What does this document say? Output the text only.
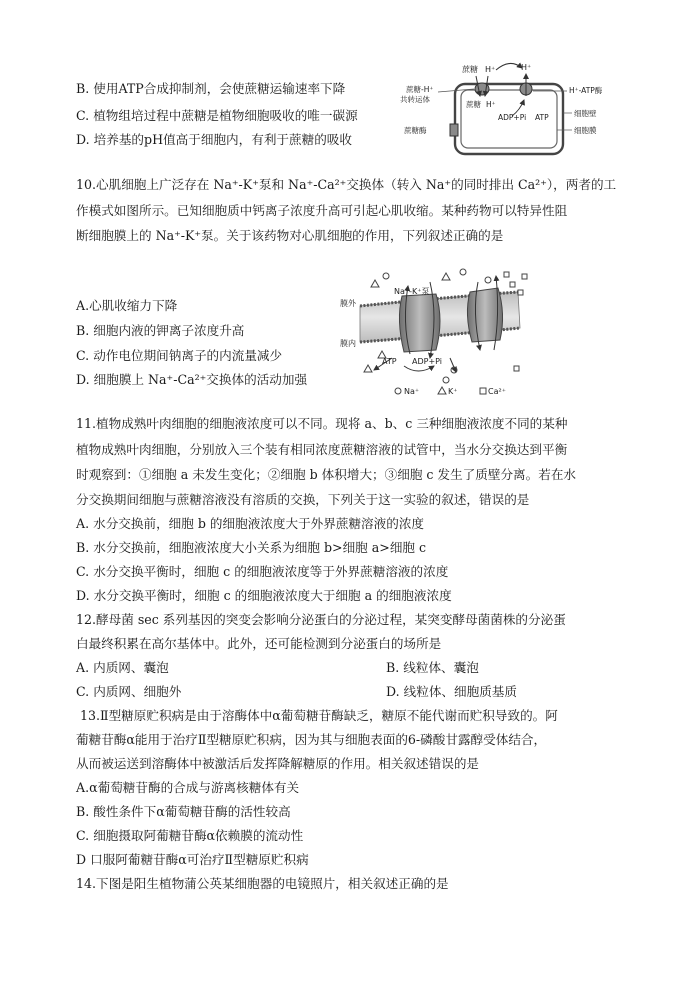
B. 使用ATP合成抑制剂，会使蔗糖运输速率下降
C. 植物组培过程中蔗糖是植物细胞吸收的唯一碳源
D. 培养基的pH值高于细胞内，有利于蔗糖的吸收
蔗糖 H⁺	H⁺
蔗糖-H⁺共转运体
H⁺-ATP酶
蔗糖 H⁺
ADP+Pi ATP	细胞壁
细胞膜
蔗糖酶
10.心肌细胞上广泛存在 Na⁺-K⁺泵和 Na⁺-Ca²⁺交换体（转入 Na⁺的同时排出 Ca²⁺），两者的工
作模式如图所示。已知细胞质中钙离子浓度升高可引起心肌收缩。某种药物可以特异性阻
断细胞膜上的 Na⁺-K⁺泵。关于该药物对心肌细胞的作用，下列叙述正确的是
A.心肌收缩力下降
B. 细胞内液的钾离子浓度升高
C. 动作电位期间钠离子的内流量减少
D. 细胞膜上 Na⁺-Ca²⁺交换体的活动加强
膜外
膜内
Na⁺-K⁺泵
ATP ADP+Pi
Na⁺	K⁺	Ca²⁺
11.植物成熟叶肉细胞的细胞液浓度可以不同。现将 a、b、c 三种细胞液浓度不同的某种
植物成熟叶肉细胞，分别放入三个装有相同浓度蔗糖溶液的试管中，当水分交换达到平衡
时观察到：①细胞 a 未发生变化；②细胞 b 体积增大；③细胞 c 发生了质壁分离。若在水
分交换期间细胞与蔗糖溶液没有溶质的交换，下列关于这一实验的叙述，错误的是
A. 水分交换前，细胞 b 的细胞液浓度大于外界蔗糖溶液的浓度
B. 水分交换前，细胞液浓度大小关系为细胞 b>细胞 a>细胞 c
C. 水分交换平衡时，细胞 c 的细胞液浓度等于外界蔗糖溶液的浓度
D. 水分交换平衡时，细胞 c 的细胞液浓度大于细胞 a 的细胞液浓度
12.酵母菌 sec 系列基因的突变会影响分泌蛋白的分泌过程，某突变酵母菌菌株的分泌蛋
白最终积累在高尔基体中。此外，还可能检测到分泌蛋白的场所是
A. 内质网、囊泡	B. 线粒体、囊泡
C. 内质网、细胞外	D. 线粒体、细胞质基质
13.Ⅱ型糖原贮积病是由于溶酶体中α葡萄糖苷酶缺乏，糖原不能代谢而贮积导致的。阿
葡糖苷酶α能用于治疗Ⅱ型糖原贮积病，因为其与细胞表面的6-磷酸甘露醇受体结合，
从而被运送到溶酶体中被激活后发挥降解糖原的作用。相关叙述错误的是
A.α葡萄糖苷酶的合成与游离核糖体有关
B. 酸性条件下α葡萄糖苷酶的活性较高
C. 细胞摄取阿葡糖苷酶α依赖膜的流动性
D 口服阿葡糖苷酶α可治疗Ⅱ型糖原贮积病
14.下图是阳生植物蒲公英某细胞器的电镜照片，相关叙述正确的是
